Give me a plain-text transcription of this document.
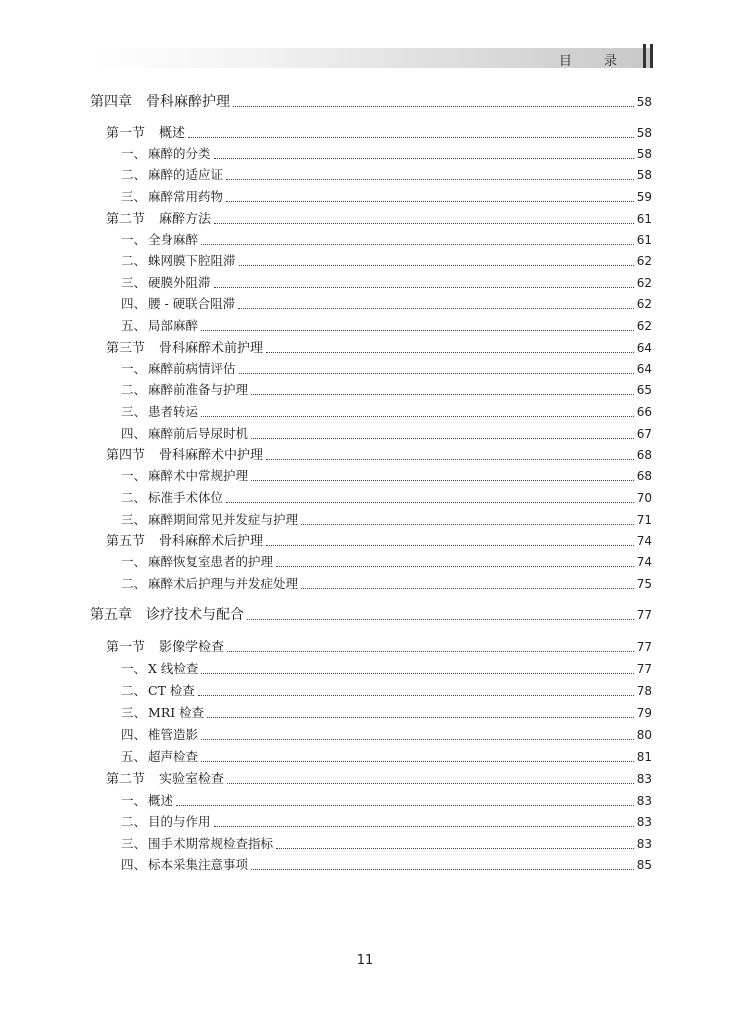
目 录
第四章 骨科麻醉护理	58
第一节 概述	58
一、 麻醉的分类	58
二、 麻醉的适应证	58
三、 麻醉常用药物	59
第二节 麻醉方法	61
一、 全身麻醉	61
二、 蛛网膜下腔阻滞	62
三、 硬膜外阻滞	62
四、 腰 - 硬联合阻滞	62
五、 局部麻醉	62
第三节 骨科麻醉术前护理	64
一、 麻醉前病情评估	64
二、 麻醉前准备与护理	65
三、 患者转运	66
四、 麻醉前后导尿时机	67
第四节 骨科麻醉术中护理	68
一、 麻醉术中常规护理	68
二、 标准手术体位	70
三、 麻醉期间常见并发症与护理	71
第五节 骨科麻醉术后护理	74
一、 麻醉恢复室患者的护理	74
二、 麻醉术后护理与并发症处理	75
第五章 诊疗技术与配合	77
第一节 影像学检查	77
一、 X 线检查	77
二、 CT 检查	78
三、 MRI 检查	79
四、 椎管造影	80
五、 超声检查	81
第二节 实验室检查	83
一、 概述	83
二、 目的与作用	83
三、 围手术期常规检查指标	83
四、 标本采集注意事项	85
11
